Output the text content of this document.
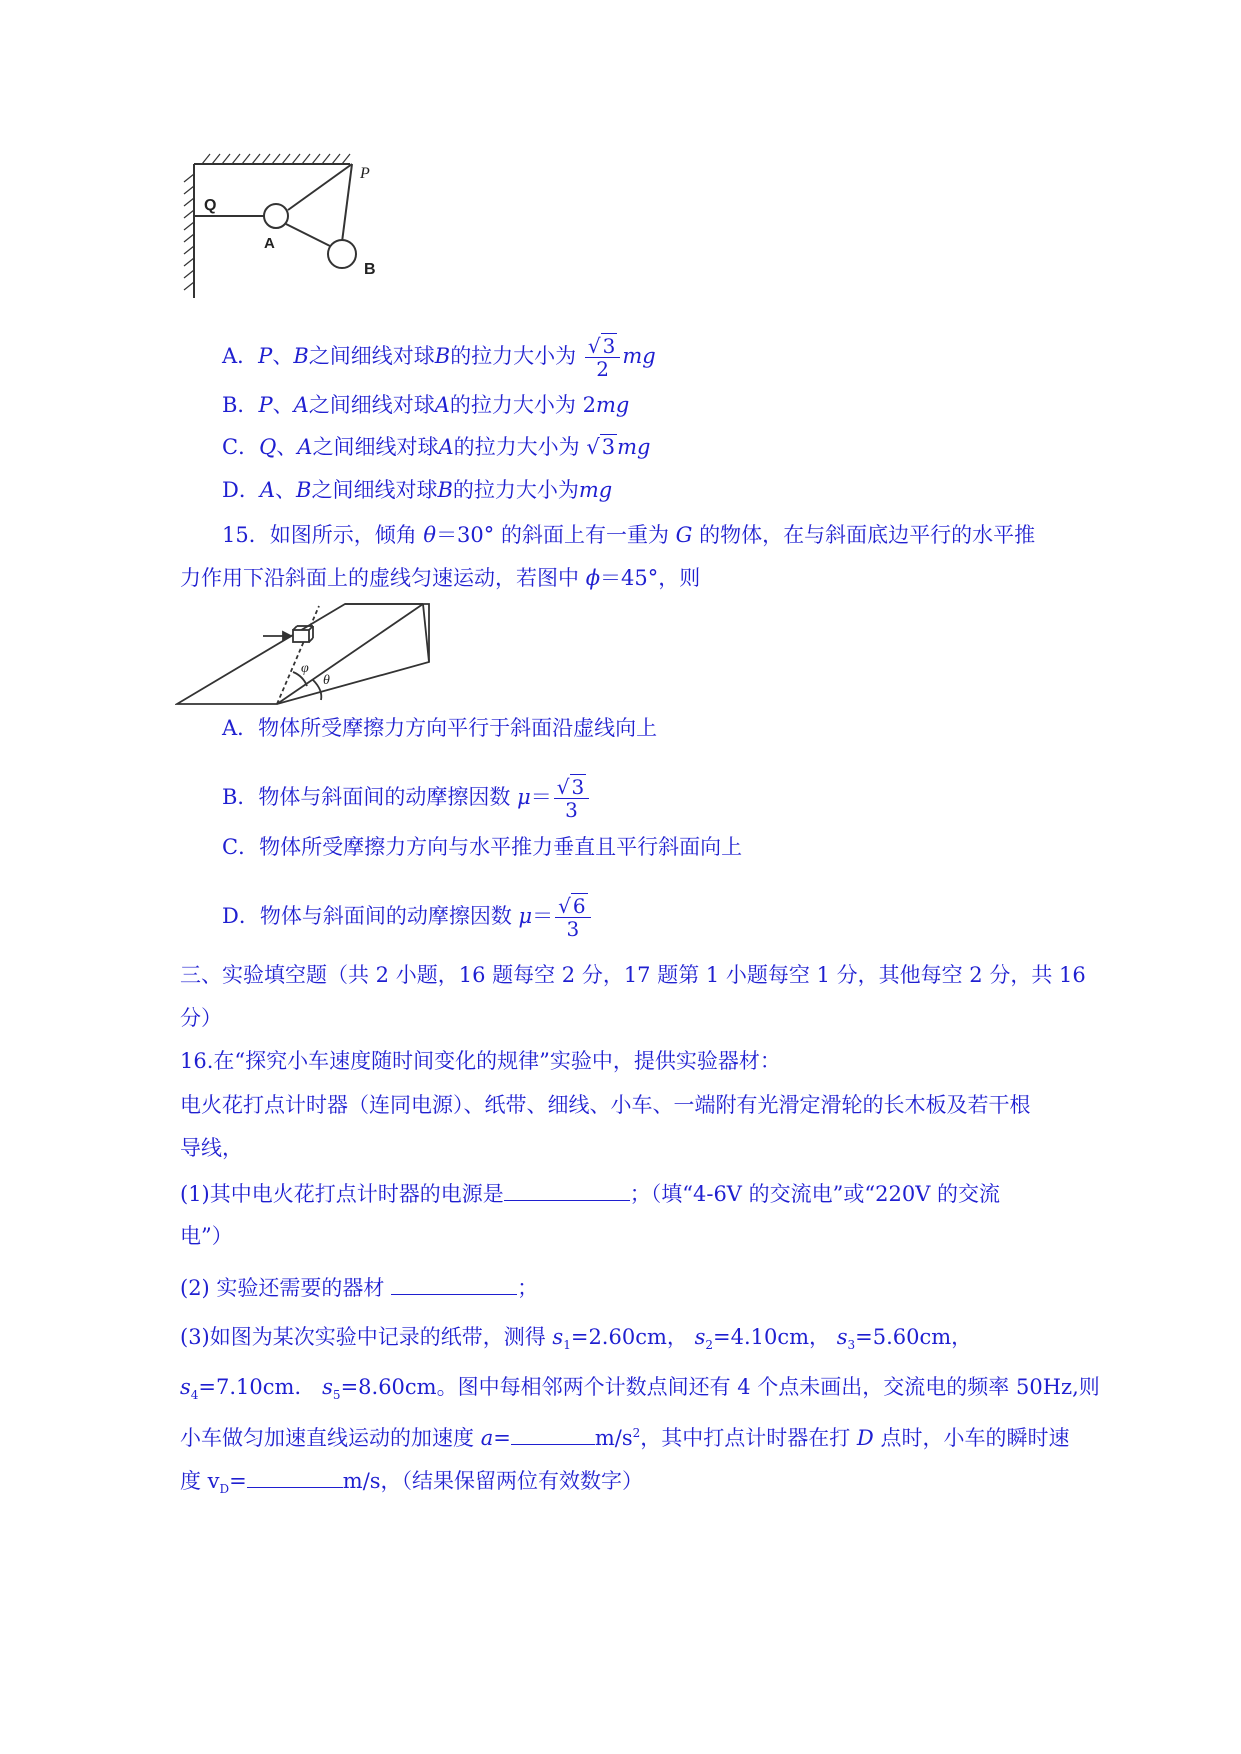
Q
A
P
B
A．P、B之间细线对球B的拉力大小为 $\frac{√ 3}{2}$ mg
B．P、A之间细线对球A的拉力大小为 2mg
C．Q、A之间细线对球A的拉力大小为 √3mg
D．A、B之间细线对球B的拉力大小为mg
15．如图所示，倾角 θ＝30° 的斜面上有一重为 G 的物体，在与斜面底边平行的水平推
力作用下沿斜面上的虚线匀速运动，若图中 ϕ＝45°，则
φ
θ
A．物体所受摩擦力方向平行于斜面沿虚线向上
B．物体与斜面间的动摩擦因数 $\mu= \frac{√ 3}{3}$
C．物体所受摩擦力方向与水平推力垂直且平行斜面向上
D．物体与斜面间的动摩擦因数 $\mu= \frac{√ 6}{3}$
三、实验填空题（共 2 小题，16 题每空 2 分，17 题第 1 小题每空 1 分，其他每空 2 分，共 16
分）
16.在“探究小车速度随时间变化的规律”实验中，提供实验器材：
电火花打点计时器（连同电源）、纸带、细线、小车、一端附有光滑定滑轮的长木板及若干根
导线，
(1)其中电火花打点计时器的电源是	；（填“4-6V 的交流电”或“220V 的交流
电”）
(2) 实验还需要的器材	；
(3)如图为某次实验中记录的纸带，测得 $s_1=2.60cm$， $s_2=4.10cm$， $s_3=5.60cm$，
$s_4=7.10cm$． $s_5=8.60cm$。图中每相邻两个计数点间还有 4 个点未画出，交流电的频率 50Hz,则
小车做匀加速直线运动的加速度 a=	$m/s^2$，其中打点计时器在打 D 点时，小车的瞬时速
度 $v_D=$	m/s，（结果保留两位有效数字）
